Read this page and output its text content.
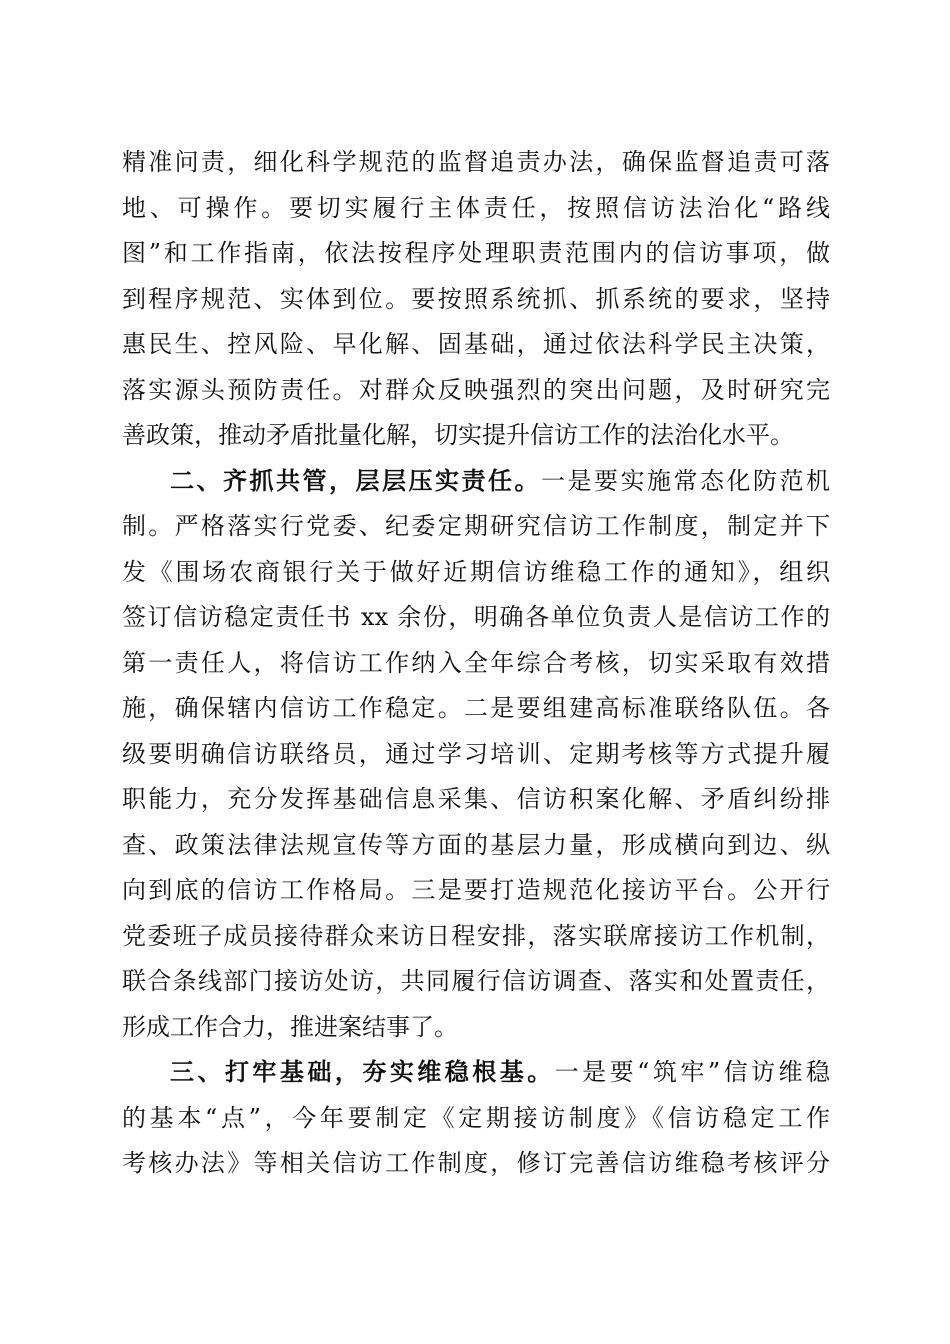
精准问责，细化科学规范的监督追责办法，确保监督追责可落
地、可操作。要切实履行主体责任，按照信访法治化“路线
图”和工作指南，依法按程序处理职责范围内的信访事项，做
到程序规范、实体到位。要按照系统抓、抓系统的要求，坚持
惠民生、控风险、早化解、固基础，通过依法科学民主决策，
落实源头预防责任。对群众反映强烈的突出问题，及时研究完
善政策，推动矛盾批量化解，切实提升信访工作的法治化水平。
二、齐抓共管，层层压实责任。一是要实施常态化防范机
制。严格落实行党委、纪委定期研究信访工作制度，制定并下
发《围场农商银行关于做好近期信访维稳工作的通知》，组织
签订信访稳定责任书 xx 余份，明确各单位负责人是信访工作的
第一责任人，将信访工作纳入全年综合考核，切实采取有效措
施，确保辖内信访工作稳定。二是要组建高标准联络队伍。各
级要明确信访联络员，通过学习培训、定期考核等方式提升履
职能力，充分发挥基础信息采集、信访积案化解、矛盾纠纷排
查、政策法律法规宣传等方面的基层力量，形成横向到边、纵
向到底的信访工作格局。三是要打造规范化接访平台。公开行
党委班子成员接待群众来访日程安排，落实联席接访工作机制，
联合条线部门接访处访，共同履行信访调查、落实和处置责任，
形成工作合力，推进案结事了。
三、打牢基础，夯实维稳根基。一是要“筑牢”信访维稳
的基本“点”，今年要制定《定期接访制度》《信访稳定工作
考核办法》等相关信访工作制度，修订完善信访维稳考核评分
